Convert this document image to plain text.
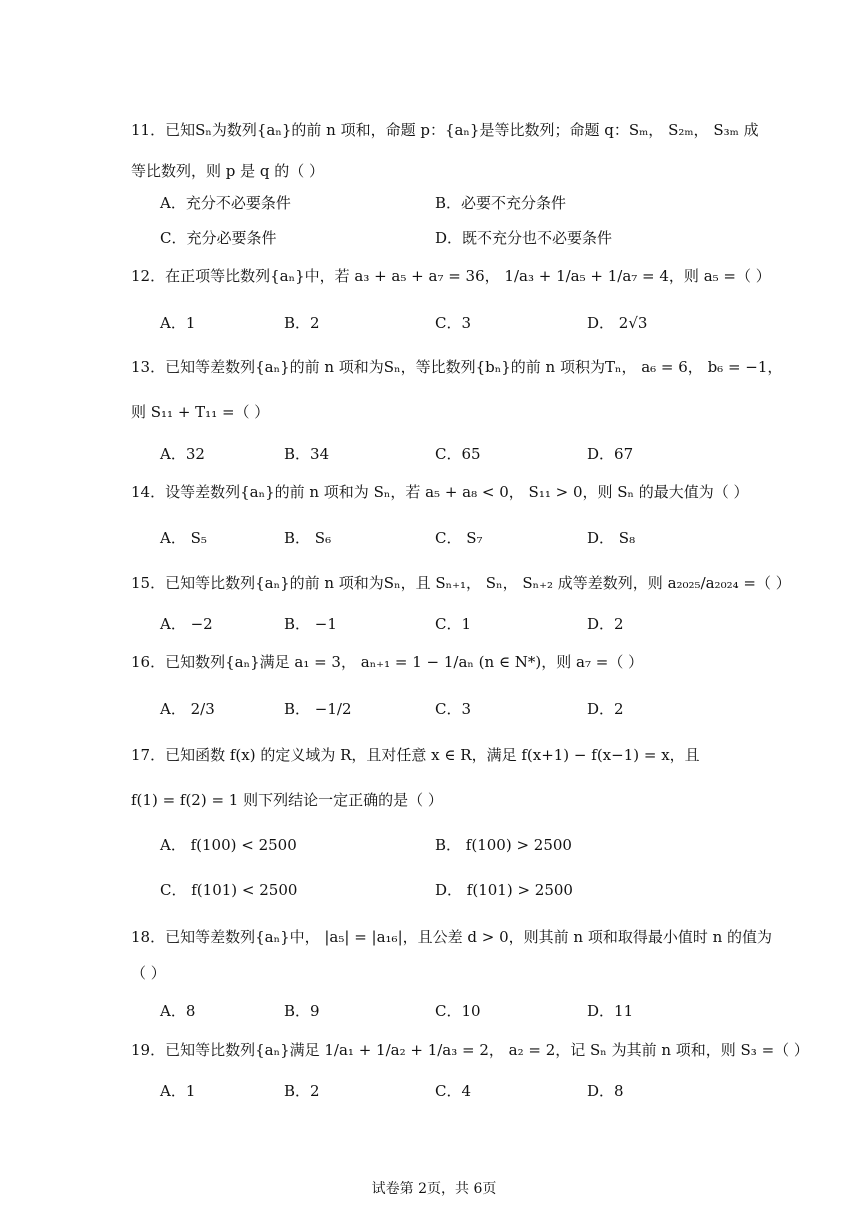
11．已知Sₙ为数列{aₙ}的前 n 项和，命题 p：{aₙ}是等比数列；命题 q：Sₘ， S₂ₘ， S₃ₘ 成
等比数列，则 p 是 q 的（ ）
A．充分不必要条件	B．必要不充分条件
C．充分必要条件	D．既不充分也不必要条件
12．在正项等比数列{aₙ}中，若 a₃ + a₅ + a₇ = 36， 1/a₃ + 1/a₅ + 1/a₇ = 4，则 a₅ =（ ）
A．1	B．2	C．3	D． 2√3
13．已知等差数列{aₙ}的前 n 项和为Sₙ，等比数列{bₙ}的前 n 项积为Tₙ， a₆ = 6， b₆ = −1，
则 S₁₁ + T₁₁ =（ ）
A．32	B．34	C．65	D．67
14．设等差数列{aₙ}的前 n 项和为 Sₙ，若 a₅ + a₈ < 0， S₁₁ > 0，则 Sₙ 的最大值为（ ）
A． S₅	B． S₆	C． S₇	D． S₈
15．已知等比数列{aₙ}的前 n 项和为Sₙ，且 Sₙ₊₁， Sₙ， Sₙ₊₂ 成等差数列，则 a₂₀₂₅/a₂₀₂₄ =（ ）
A． −2	B． −1	C．1	D．2
16．已知数列{aₙ}满足 a₁ = 3， aₙ₊₁ = 1 − 1/aₙ (n ∈ N*)，则 a₇ =（ ）
A． 2/3	B． −1/2	C．3	D．2
17．已知函数 f(x) 的定义域为 R，且对任意 x ∈ R，满足 f(x+1) − f(x−1) = x，且
f(1) = f(2) = 1 则下列结论一定正确的是（ ）
A． f(100) < 2500	B． f(100) > 2500
C． f(101) < 2500	D． f(101) > 2500
18．已知等差数列{aₙ}中， |a₅| = |a₁₆|，且公差 d > 0，则其前 n 项和取得最小值时 n 的值为
（ ）
A．8	B．9	C．10	D．11
19．已知等比数列{aₙ}满足 1/a₁ + 1/a₂ + 1/a₃ = 2， a₂ = 2，记 Sₙ 为其前 n 项和，则 S₃ =（ ）
A．1	B．2	C．4	D．8
试卷第 2页，共 6页
